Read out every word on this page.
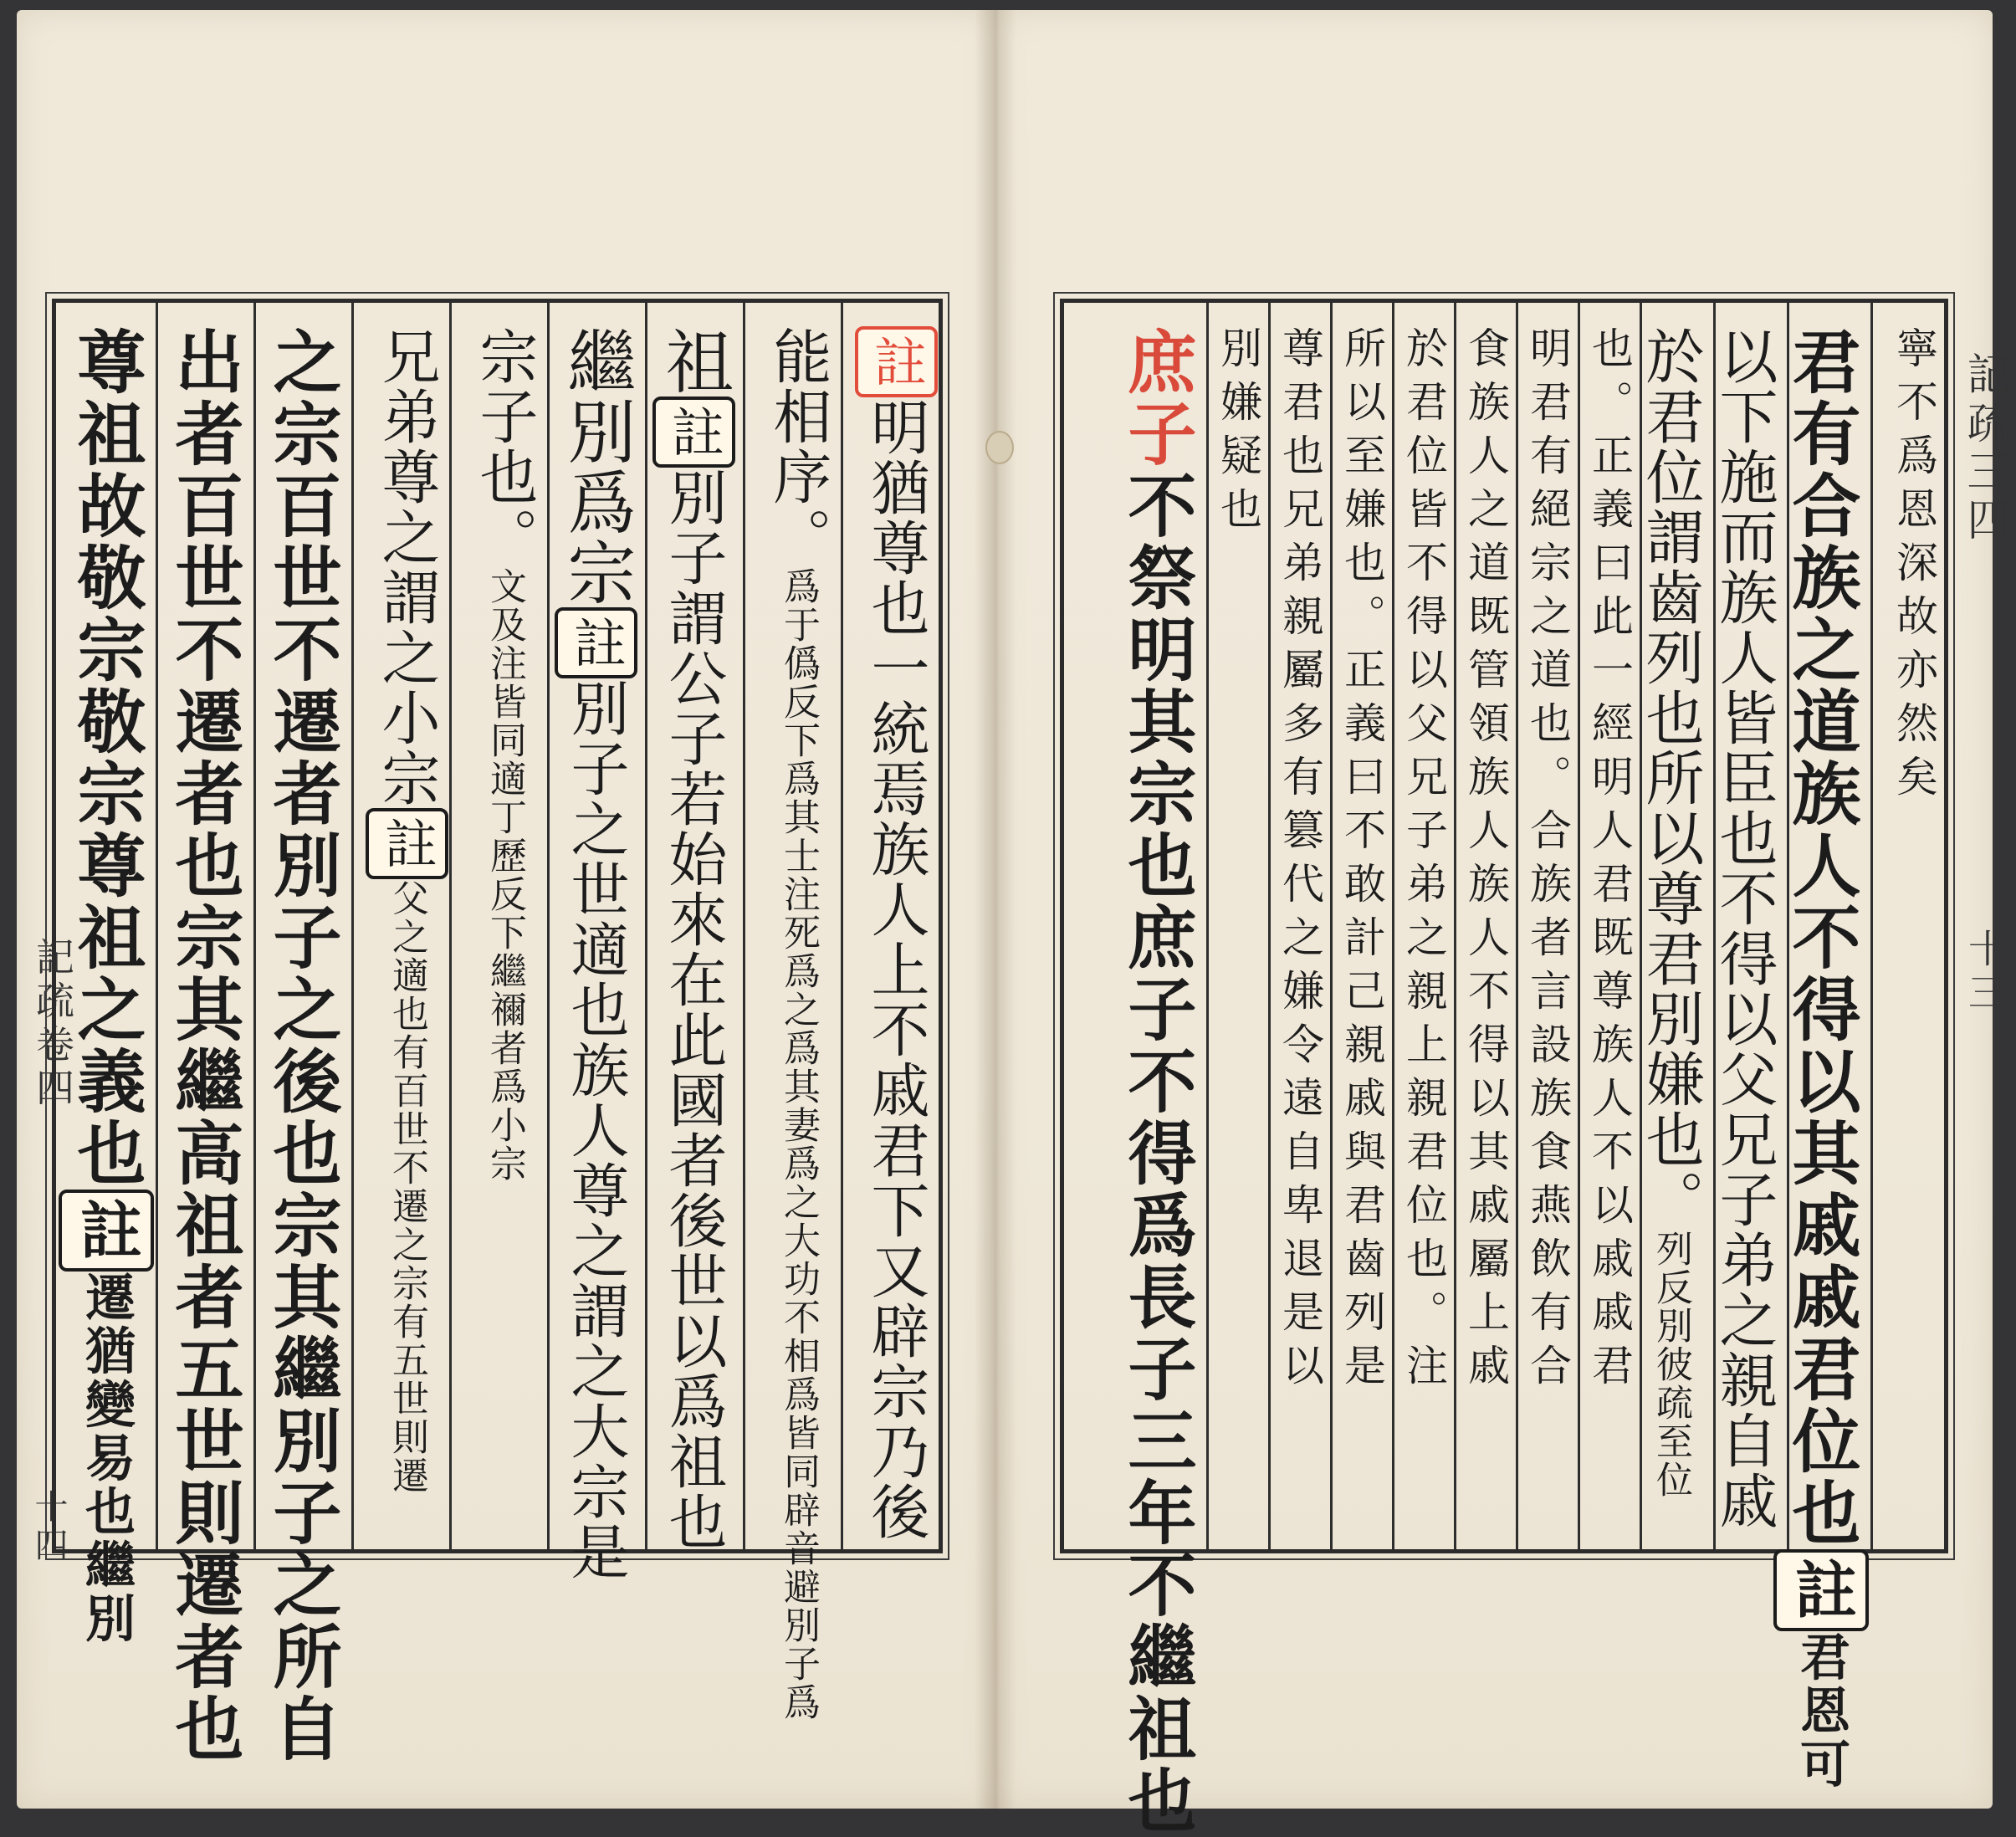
記疏卷四
十四
記疏三四
十三
註明猶尊也一統焉族人上不戚君下又辟宗乃後
能相序。爲于僞反下爲其士注死爲之爲其妻爲之大功不相爲皆同辟音避別子爲
祖註別子謂公子若始來在此國者後世以爲祖也
繼別爲宗註別子之世適也族人尊之謂之大宗是
宗子也。文及注皆同適丁歷反下繼禰者爲小宗
兄弟尊之謂之小宗註父之適也有百世不遷之宗有五世則遷
之宗百世不遷者別子之後也宗其繼別子之所自
出者百世不遷者也宗其繼高祖者五世則遷者也
尊祖故敬宗敬宗尊祖之義也註遷猶變易也繼別
寧不爲恩深故亦然矣
君有合族之道族人不得以其戚戚君位也註君恩可
以下施而族人皆臣也不得以父兄子弟之親自戚
於君位謂齒列也所以尊君別嫌也。列反別彼疏至位
也。正義曰此一經明人君既尊族人不以戚戚君
明君有絕宗之道也。合族者言設族食燕飲有合
食族人之道既管領族人族人不得以其戚屬上戚
於君位皆不得以父兄子弟之親上親君位也。注
所以至嫌也。正義曰不敢計己親戚與君齒列是
尊君也兄弟親屬多有篡代之嫌令遠自卑退是以
別嫌疑也
庶子不祭明其宗也庶子不得爲長子三年不繼祖也
